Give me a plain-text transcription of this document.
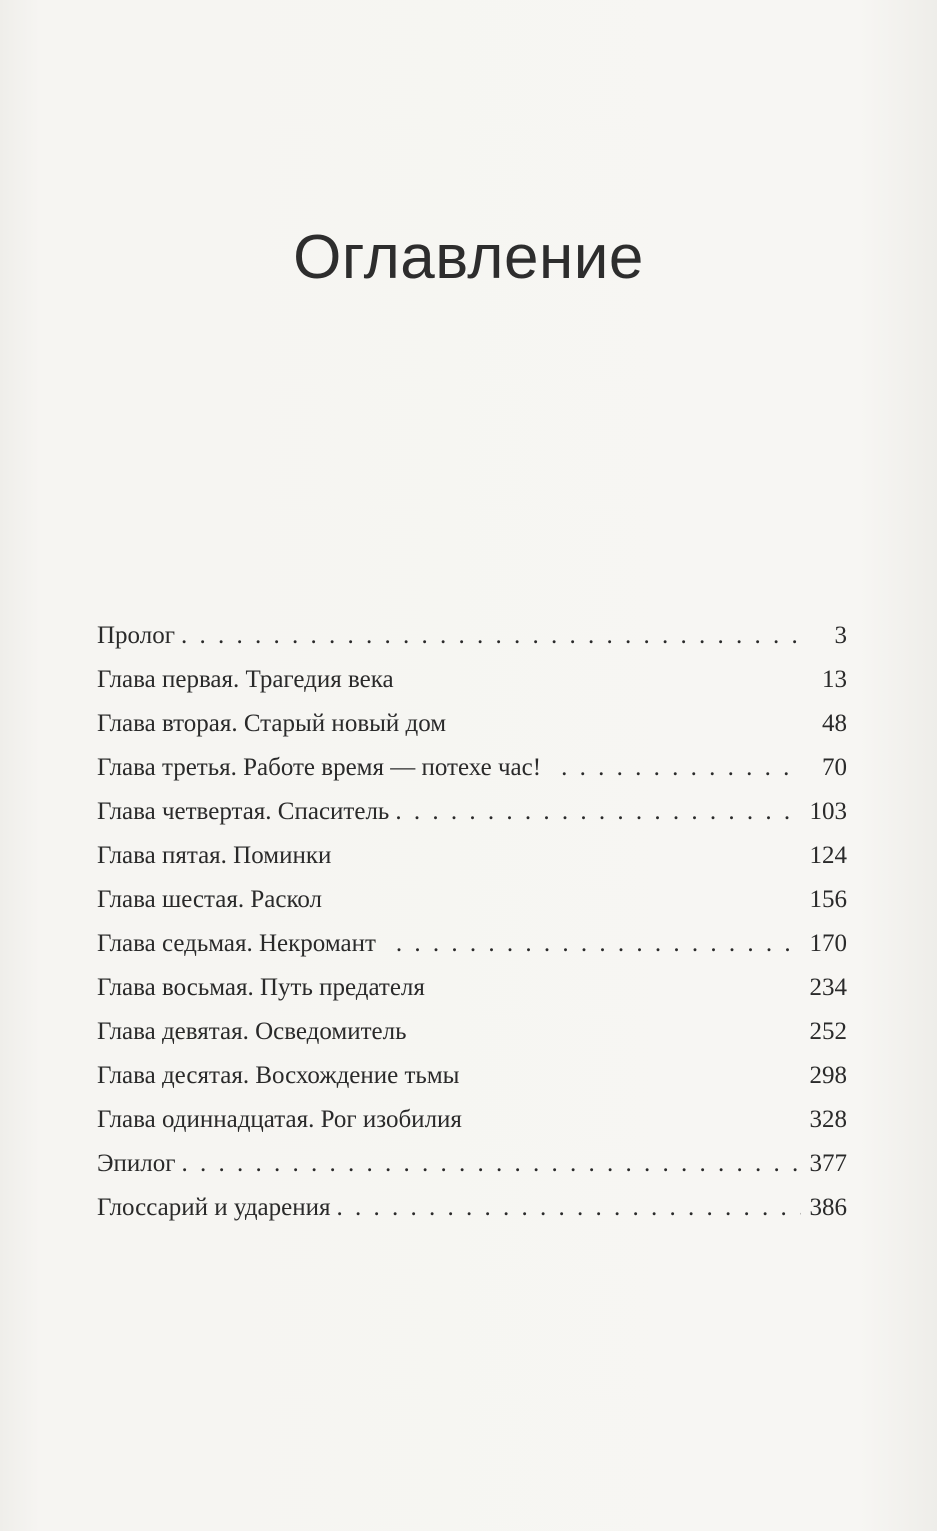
Оглавление
Пролог . . .	3
Глава первая. Трагедия века	13
Глава вторая. Старый новый дом	48
Глава третья. Работе время — потехе час! . . .	70
Глава четвертая. Спаситель . . .	103
Глава пятая. Поминки	124
Глава шестая. Раскол	156
Глава седьмая. Некромант . . .	170
Глава восьмая. Путь предателя	234
Глава девятая. Осведомитель	252
Глава десятая. Восхождение тьмы	298
Глава одиннадцатая. Рог изобилия	328
Эпилог . . .	377
Глоссарий и ударения . . .	386
